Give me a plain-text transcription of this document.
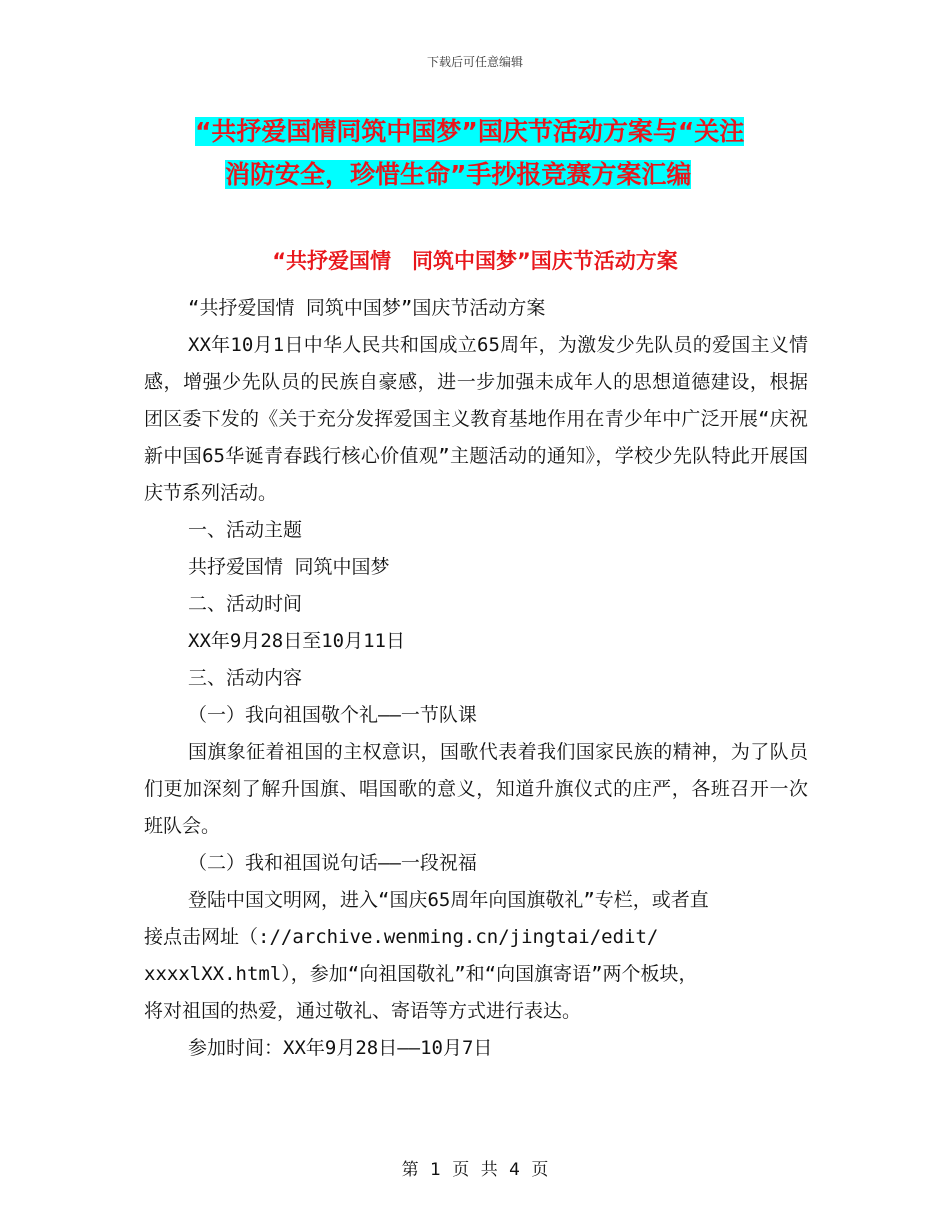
下载后可任意编辑
“共抒爱国情同筑中国梦”国庆节活动方案与“关注
消防安全，珍惜生命”手抄报竞赛方案汇编
“共抒爱国情　同筑中国梦”国庆节活动方案

“共抒爱国情 同筑中国梦”国庆节活动方案

XX年10月1日中华人民共和国成立65周年，为激发少先队员的爱国主义情感，增强少先队员的民族自豪感，进一步加强未成年人的思想道德建设，根据团区委下发的《关于充分发挥爱国主义教育基地作用在青少年中广泛开展“庆祝新中国65华诞青春践行核心价值观”主题活动的通知》，学校少先队特此开展国庆节系列活动。

一、活动主题

共抒爱国情 同筑中国梦

二、活动时间

XX年9月28日至10月11日

三、活动内容

（一）我向祖国敬个礼——一节队课

国旗象征着祖国的主权意识，国歌代表着我们国家民族的精神，为了队员们更加深刻了解升国旗、唱国歌的意义，知道升旗仪式的庄严，各班召开一次班队会。

（二）我和祖国说句话——一段祝福

登陆中国文明网，进入“国庆65周年向国旗敬礼”专栏，或者直

接点击网址（://archive.wenming.cn/jingtai/edit/

xxxxlXX.html），参加“向祖国敬礼”和“向国旗寄语”两个板块，

将对祖国的热爱，通过敬礼、寄语等方式进行表达。

参加时间：XX年9月28日——10月7日

第 1 页 共 4 页
